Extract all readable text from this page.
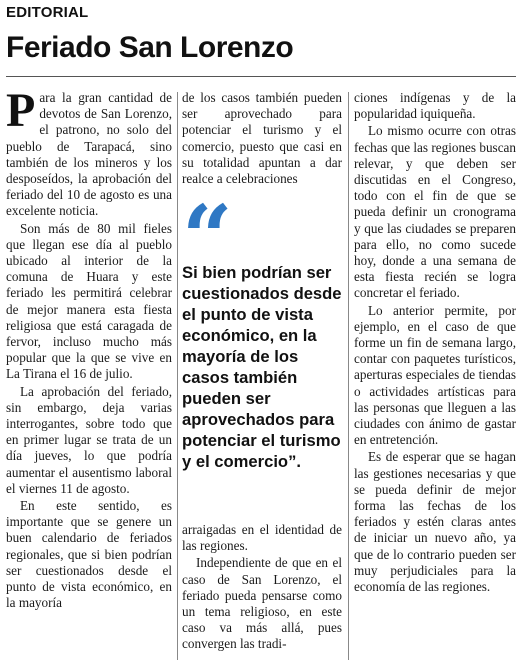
EDITORIAL
Feriado San Lorenzo

Para la gran cantidad de devotos de San Lorenzo, el patrono, no solo del pueblo de Tarapacá, sino también de los mineros y los desposeídos, la aprobación del feriado del 10 de agosto es una excelente noticia.

Son más de 80 mil fieles que llegan ese día al pueblo ubicado al interior de la comuna de Huara y este feriado les permitirá celebrar de mejor manera esta fiesta religiosa que está caragada de fervor, incluso mucho más popular que la que se vive en La Tirana el 16 de julio.

La aprobación del feriado, sin embargo, deja varias interrogantes, sobre todo que en primer lugar se trata de un día jueves, lo que podría aumentar el ausentismo laboral el viernes 11 de agosto.

En este sentido, es importante que se genere un buen calendario de feriados regionales, que si bien podrían ser cuestionados desde el punto de vista económico, en la mayoría

de los casos también pueden ser aprovechado para potenciar el turismo y el comercio, puesto que casi en su totalidad apuntan a dar realce a celebraciones

“
Si bien podrían ser cuestionados desde el punto de vista económico, en la mayoría de los casos también pueden ser aprovechados para potenciar el turismo y el comercio”.

arraigadas en el identidad de las regiones.

Independiente de que en el caso de San Lorenzo, el feriado pueda pensarse como un tema religioso, en este caso va más allá, pues convergen las tradi-

ciones indígenas y de la popularidad iquiqueña.

Lo mismo ocurre con otras fechas que las regiones buscan relevar, y que deben ser discutidas en el Congreso, todo con el fin de que se pueda definir un cronograma y que las ciudades se preparen para ello, no como sucede hoy, donde a una semana de esta fiesta recién se logra concretar el feriado.

Lo anterior permite, por ejemplo, en el caso de que forme un fin de semana largo, contar con paquetes turísticos, aperturas especiales de tiendas o actividades artísticas para las personas que lleguen a las ciudades con ánimo de gastar en entretención.

Es de esperar que se hagan las gestiones necesarias y que se pueda definir de mejor forma las fechas de los feriados y estén claras antes de iniciar un nuevo año, ya que de lo contrario pueden ser muy perjudiciales para la economía de las regiones.
